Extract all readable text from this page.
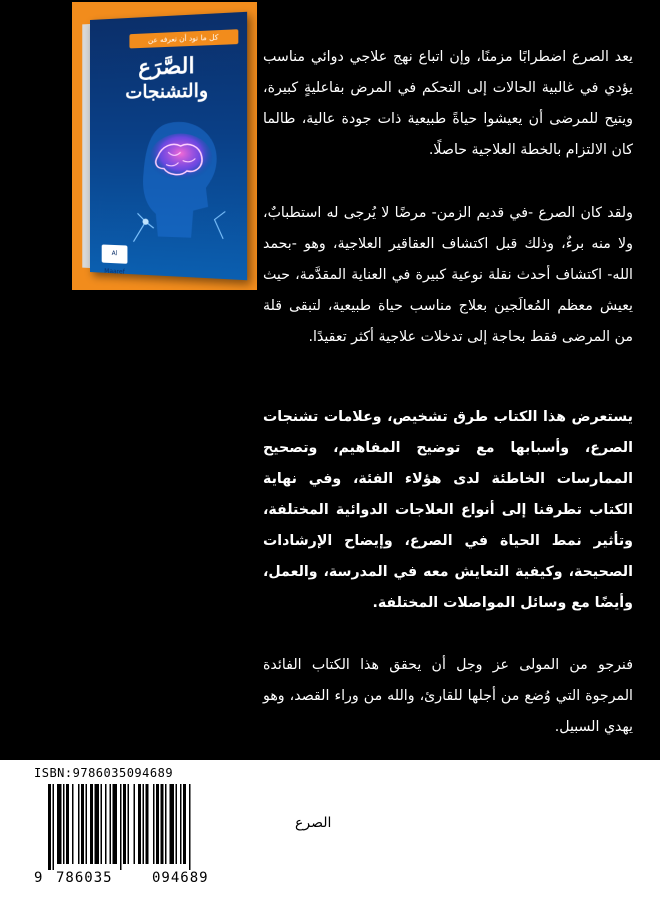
كل ما تود أن تعرفه عن
الصَّرَع
والتشنجات
Al Maaref

يعد الصرع اضطرابًا مزمنًا، وإن اتباع نهج علاجي دوائي مناسب يؤدي في غالبية الحالات إلى التحكم في المرض بفاعليةٍ كبيرة، ويتيح للمرضى أن يعيشوا حياةً طبيعية ذات جودة عالية، طالما كان الالتزام بالخطة العلاجية حاصلًا.

ولقد كان الصرع -في قديم الزمن- مرضًا لا يُرجى له استطبابٌ، ولا منه برءٌ، وذلك قبل اكتشاف العقاقير العلاجية، وهو -بحمد الله- اكتشاف أحدث نقلة نوعية كبيرة في العناية المقدَّمة، حيث يعيش معظم المُعالَجين بعلاج مناسب حياة طبيعية، لتبقى قلة من المرضى فقط بحاجة إلى تدخلات علاجية أكثر تعقيدًا.

يستعرض هذا الكتاب طرق تشخيص، وعلامات تشنجات الصرع، وأسبابها مع توضيح المفاهيم، وتصحيح الممارسات الخاطئة لدى هؤلاء الفئة، وفي نهاية الكتاب تطرقنا إلى أنواع العلاجات الدوائية المختلفة، وتأثير نمط الحياة في الصرع، وإيضاح الإرشادات الصحيحة، وكيفية التعايش معه في المدرسة، والعمل، وأيضًا مع وسائل المواصلات المختلفة.

فنرجو من المولى عز وجل أن يحقق هذا الكتاب الفائدة المرجوة التي وُضع من أجلها للقارئ، والله من وراء القصد، وهو يهدي السبيل.

ISBN:9786035094689
9 786035	094689
الصرع
